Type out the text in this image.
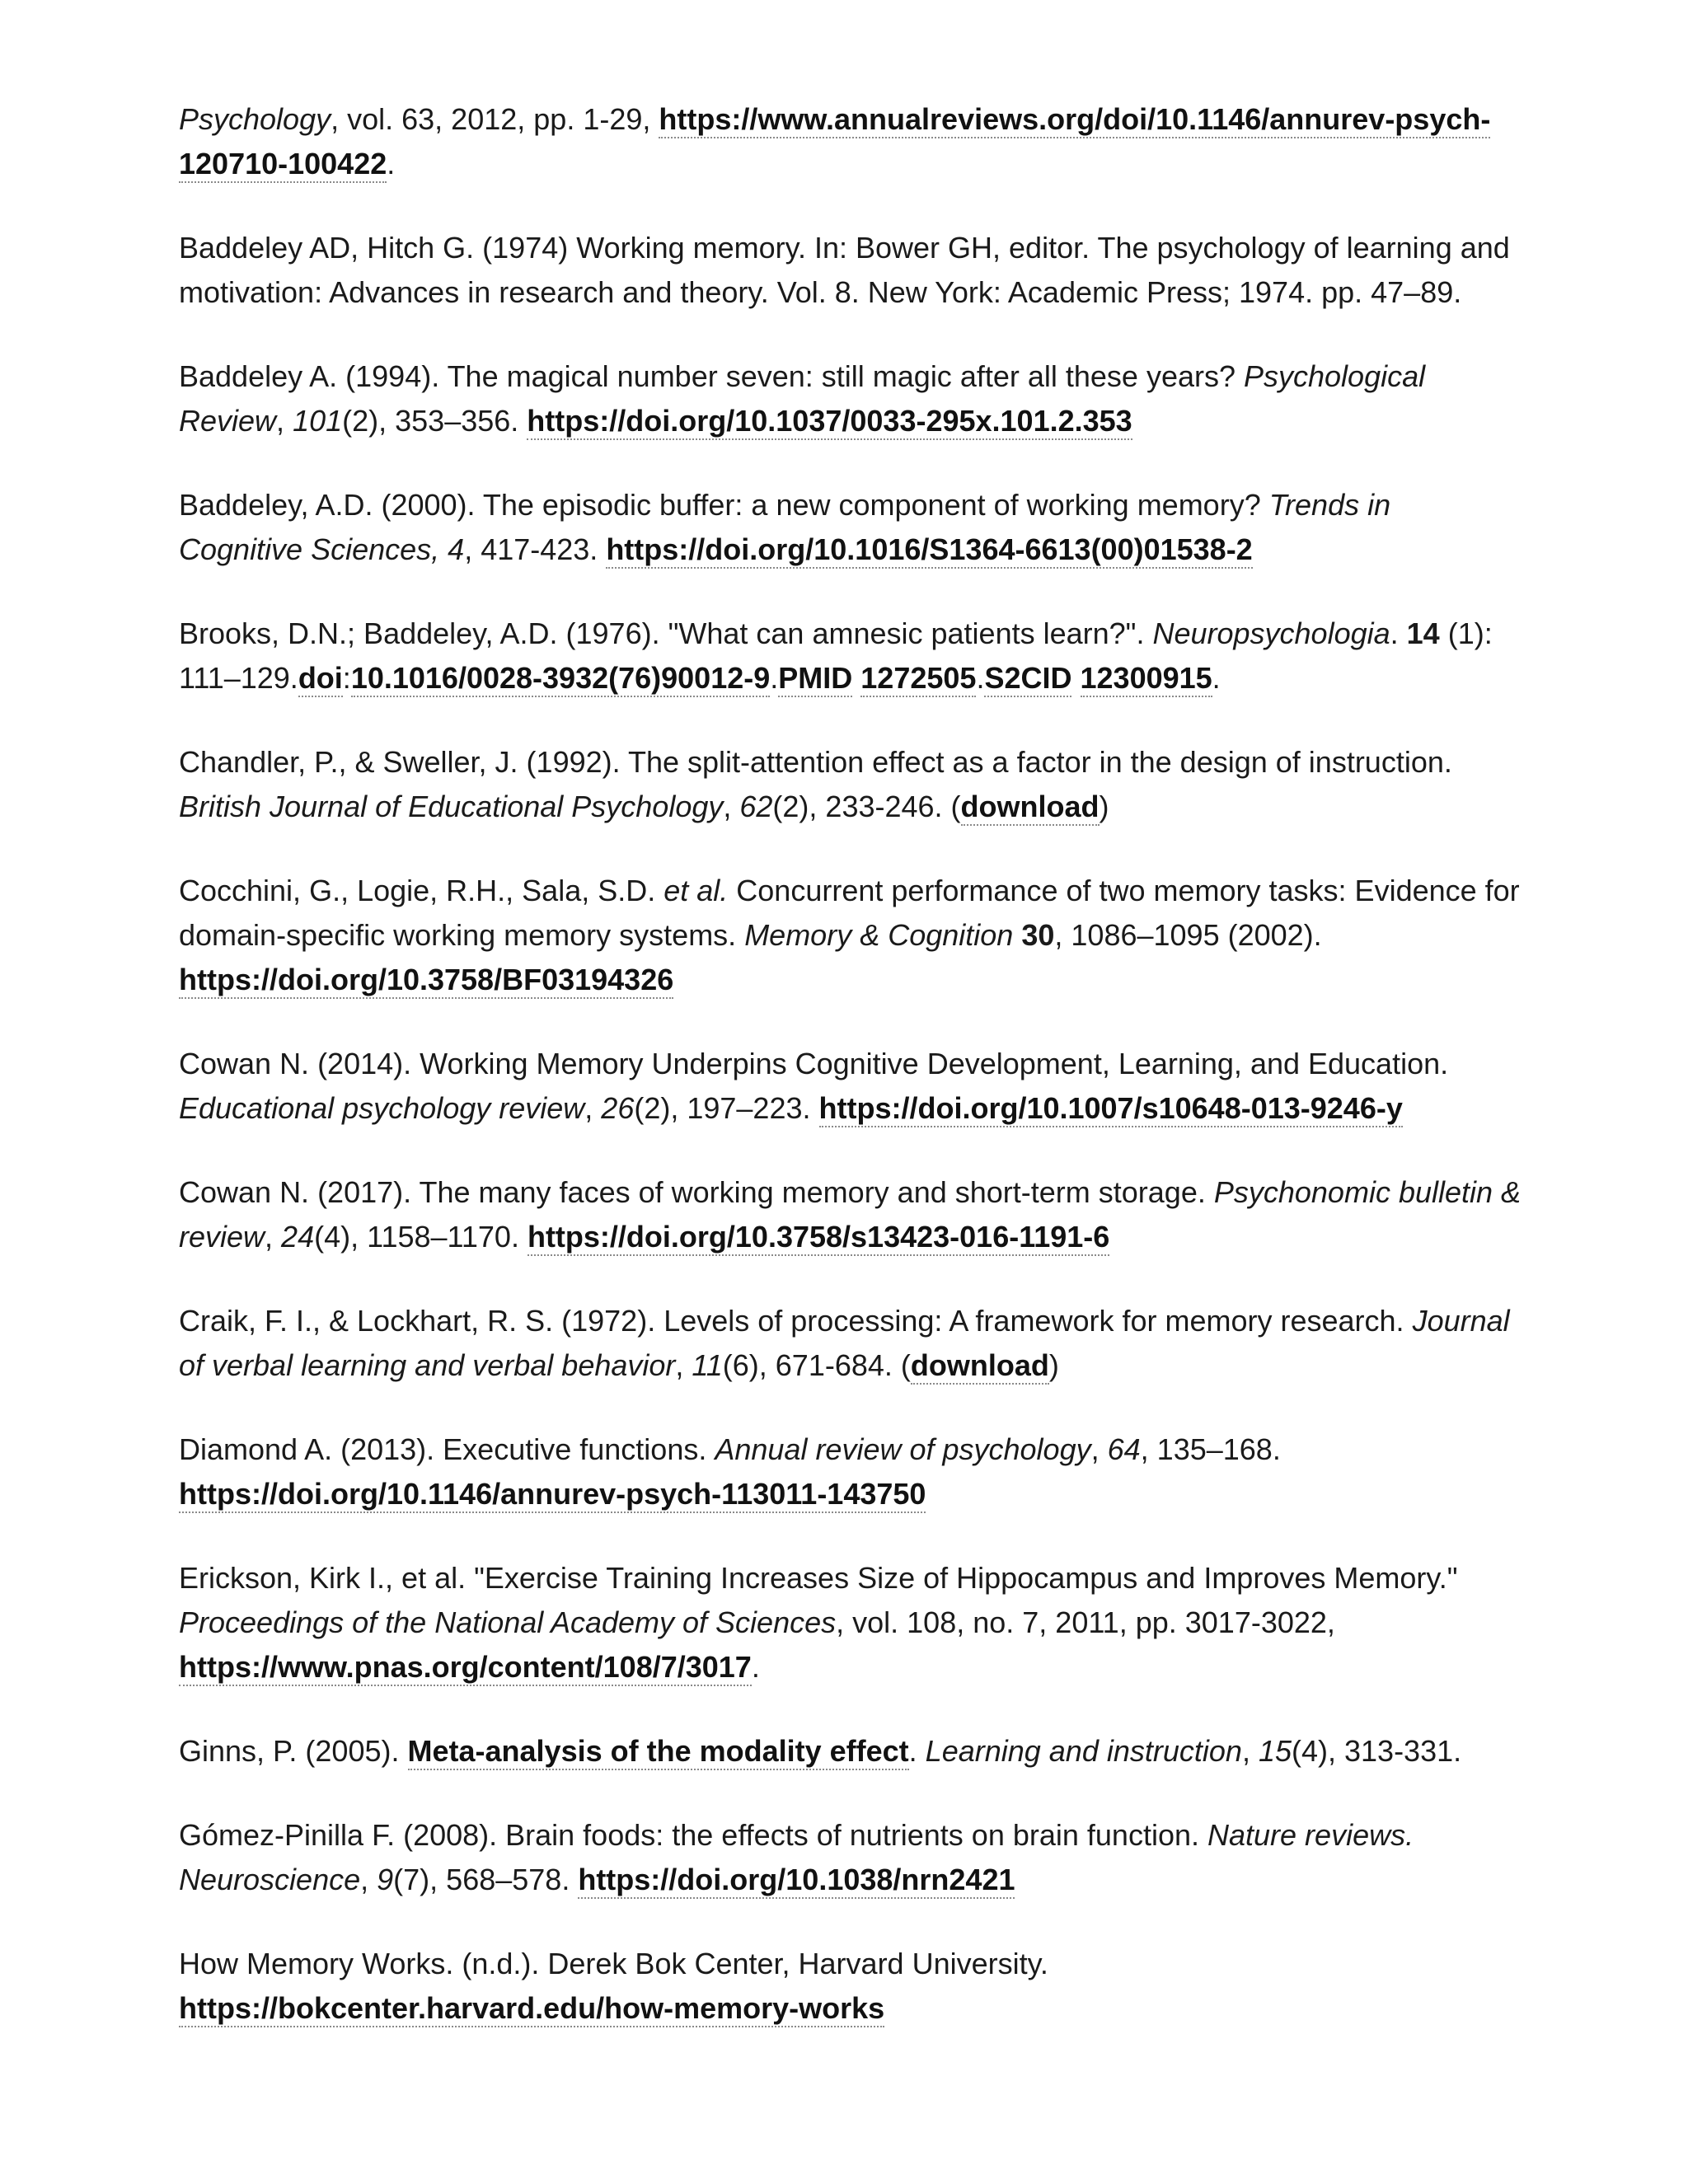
Psychology, vol. 63, 2012, pp. 1-29, https://www.annualreviews.org/doi/10.1146/annurev-psych-120710-100422.

Baddeley AD, Hitch G. (1974) Working memory. In: Bower GH, editor. The psychology of learning and motivation: Advances in research and theory. Vol. 8. New York: Academic Press; 1974. pp. 47–89.

Baddeley A. (1994). The magical number seven: still magic after all these years? Psychological Review, 101(2), 353–356. https://doi.org/10.1037/0033-295x.101.2.353

Baddeley, A.D. (2000). The episodic buffer: a new component of working memory? Trends in Cognitive Sciences, 4, 417-423. https://doi.org/10.1016/S1364-6613(00)01538-2

Brooks, D.N.; Baddeley, A.D. (1976). "What can amnesic patients learn?". Neuropsychologia. 14 (1): 111–129.doi:10.1016/0028-3932(76)90012-9.PMID 1272505.S2CID 12300915.

Chandler, P., & Sweller, J. (1992). The split-attention effect as a factor in the design of instruction. British Journal of Educational Psychology, 62(2), 233-246. (download)

Cocchini, G., Logie, R.H., Sala, S.D. et al. Concurrent performance of two memory tasks: Evidence for domain-specific working memory systems. Memory & Cognition 30, 1086–1095 (2002). https://doi.org/10.3758/BF03194326

Cowan N. (2014). Working Memory Underpins Cognitive Development, Learning, and Education. Educational psychology review, 26(2), 197–223. https://doi.org/10.1007/s10648-013-9246-y

Cowan N. (2017). The many faces of working memory and short-term storage. Psychonomic bulletin & review, 24(4), 1158–1170. https://doi.org/10.3758/s13423-016-1191-6

Craik, F. I., & Lockhart, R. S. (1972). Levels of processing: A framework for memory research. Journal of verbal learning and verbal behavior, 11(6), 671-684. (download)

Diamond A. (2013). Executive functions. Annual review of psychology, 64, 135–168. https://doi.org/10.1146/annurev-psych-113011-143750

Erickson, Kirk I., et al. "Exercise Training Increases Size of Hippocampus and Improves Memory." Proceedings of the National Academy of Sciences, vol. 108, no. 7, 2011, pp. 3017-3022, https://www.pnas.org/content/108/7/3017.

Ginns, P. (2005). Meta-analysis of the modality effect. Learning and instruction, 15(4), 313-331.

Gómez-Pinilla F. (2008). Brain foods: the effects of nutrients on brain function. Nature reviews. Neuroscience, 9(7), 568–578. https://doi.org/10.1038/nrn2421

How Memory Works. (n.d.). Derek Bok Center, Harvard University. https://bokcenter.harvard.edu/how-memory-works
